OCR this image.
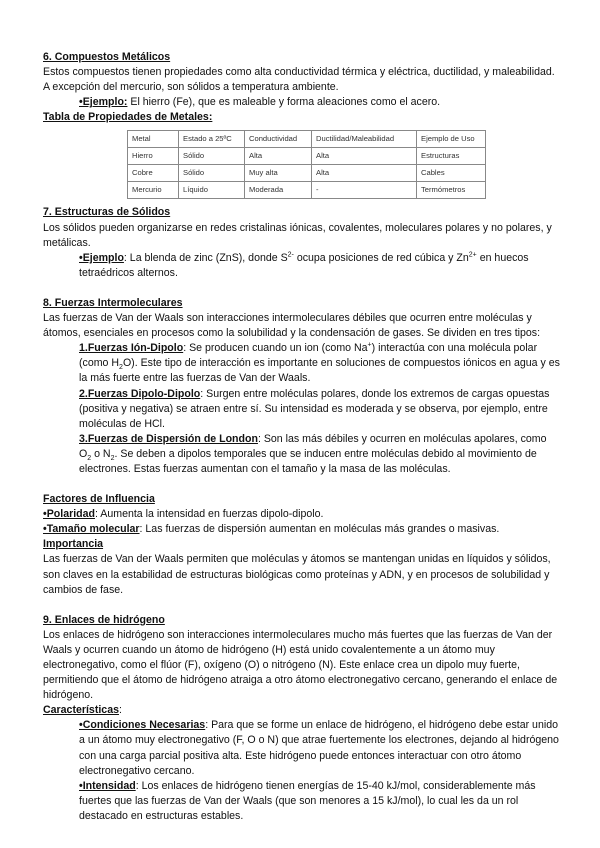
6. Compuestos Metálicos

Estos compuestos tienen propiedades como alta conductividad térmica y eléctrica, ductilidad, y maleabilidad. A excepción del mercurio, son sólidos a temperatura ambiente.

•Ejemplo: El hierro (Fe), que es maleable y forma aleaciones como el acero.

Tabla de Propiedades de Metales:

Metal	Estado a 25ºC	Conductividad	Ductilidad/Maleabilidad	Ejemplo de Uso
Hierro	Sólido	Alta	Alta	Estructuras
Cobre	Sólido	Muy alta	Alta	Cables
Mercurio	Líquido	Moderada	-	Termómetros

7. Estructuras de Sólidos

Los sólidos pueden organizarse en redes cristalinas iónicas, covalentes, moleculares polares y no polares, y metálicas.

•Ejemplo: La blenda de zinc (ZnS), donde $S^{2-}$ ocupa posiciones de red cúbica y $Zn^{2+}$ en huecos tetraédricos alternos.

8. Fuerzas Intermoleculares

Las fuerzas de Van der Waals son interacciones intermoleculares débiles que ocurren entre moléculas y átomos, esenciales en procesos como la solubilidad y la condensación de gases. Se dividen en tres tipos:

1.Fuerzas Ión-Dipolo: Se producen cuando un ion (como Na+) interactúa con una molécula polar (como $H_2O$). Este tipo de interacción es importante en soluciones de compuestos iónicos en agua y es la más fuerte entre las fuerzas de Van der Waals.

2.Fuerzas Dipolo-Dipolo: Surgen entre moléculas polares, donde los extremos de cargas opuestas (positiva y negativa) se atraen entre sí. Su intensidad es moderada y se observa, por ejemplo, entre moléculas de HCl.

3.Fuerzas de Dispersión de London: Son las más débiles y ocurren en moléculas apolares, como $O_2$ o $N_2$. Se deben a dipolos temporales que se inducen entre moléculas debido al movimiento de electrones. Estas fuerzas aumentan con el tamaño y la masa de las moléculas.

Factores de Influencia

•Polaridad: Aumenta la intensidad en fuerzas dipolo-dipolo.

•Tamaño molecular: Las fuerzas de dispersión aumentan en moléculas más grandes o masivas.

Importancia

Las fuerzas de Van der Waals permiten que moléculas y átomos se mantengan unidas en líquidos y sólidos, son claves en la estabilidad de estructuras biológicas como proteínas y ADN, y en procesos de solubilidad y cambios de fase.

9. Enlaces de hidrógeno

Los enlaces de hidrógeno son interacciones intermoleculares mucho más fuertes que las fuerzas de Van der Waals y ocurren cuando un átomo de hidrógeno (H) está unido covalentemente a un átomo muy electronegativo, como el flúor (F), oxígeno (O) o nitrógeno (N). Este enlace crea un dipolo muy fuerte, permitiendo que el átomo de hidrógeno atraiga a otro átomo electronegativo cercano, generando el enlace de hidrógeno.

Características:

•Condiciones Necesarias: Para que se forme un enlace de hidrógeno, el hidrógeno debe estar unido a un átomo muy electronegativo (F, O o N) que atrae fuertemente los electrones, dejando al hidrógeno con una carga parcial positiva alta. Este hidrógeno puede entonces interactuar con otro átomo electronegativo cercano.

•Intensidad: Los enlaces de hidrógeno tienen energías de 15-40 kJ/mol, considerablemente más fuertes que las fuerzas de Van der Waals (que son menores a 15 kJ/mol), lo cual les da un rol destacado en estructuras estables.
